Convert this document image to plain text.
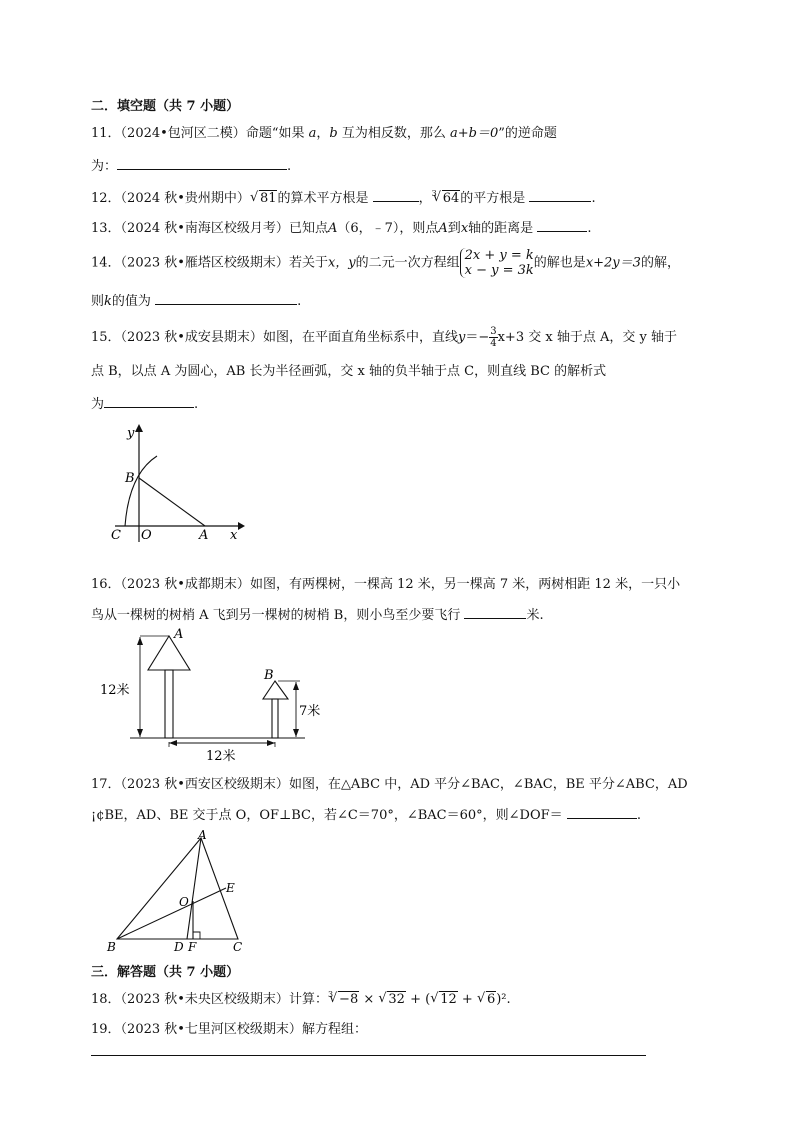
二．填空题（共 7 小题）
11．（2024•包河区二模）命题“如果 a，b 互为相反数，那么 a+b＝0”的逆命题
为：	.
12．（2024 秋•贵州期中） √ 81的算术平方根是	，$^3$ √ 64的平方根是	.
13．（2024 秋•南海区校级月考）已知点A（6，﹣7），则点A到x轴的距离是	.
14．（2023 秋•雁塔区校级期末）若关于x，y的二元一次方程组 2x + y = k
x − y = 3k 的解也是x+2y＝3的解，
则k的值为	.
15．（2023 秋•成安县期末）如图，在平面直角坐标系中，直线$y=- \frac{3}{4} x+3$ 交 x 轴于点 A，交 y 轴于
点 B，以点 A 为圆心，AB 长为半径画弧，交 x 轴的负半轴于点 C，则直线 BC 的解析式
为	.
y
B
C O	A x
16．（2023 秋•成都期末）如图，有两棵树，一棵高 12 米，另一棵高 7 米，两树相距 12 米，一只小
鸟从一棵树的树梢 A 飞到另一棵树的树梢 B，则小鸟至少要飞行	米.
12米
7米
12米
A
B
17．（2023 秋•西安区校级期末）如图，在△ABC 中，AD 平分∠BAC，∠BAC，BE 平分∠ABC，AD
¡¢BE，AD、BE 交于点 O，OF⊥BC，若∠C＝70°，∠BAC＝60°，则∠DOF＝	.
A
B	C
D F
E
O
三．解答题（共 7 小题）
18．（2023 秋•未央区校级期末）计算：$^3$ √ −8 × √ 32 + ( √ 12 + √ 6)².
19．（2023 秋•七里河区校级期末）解方程组：
